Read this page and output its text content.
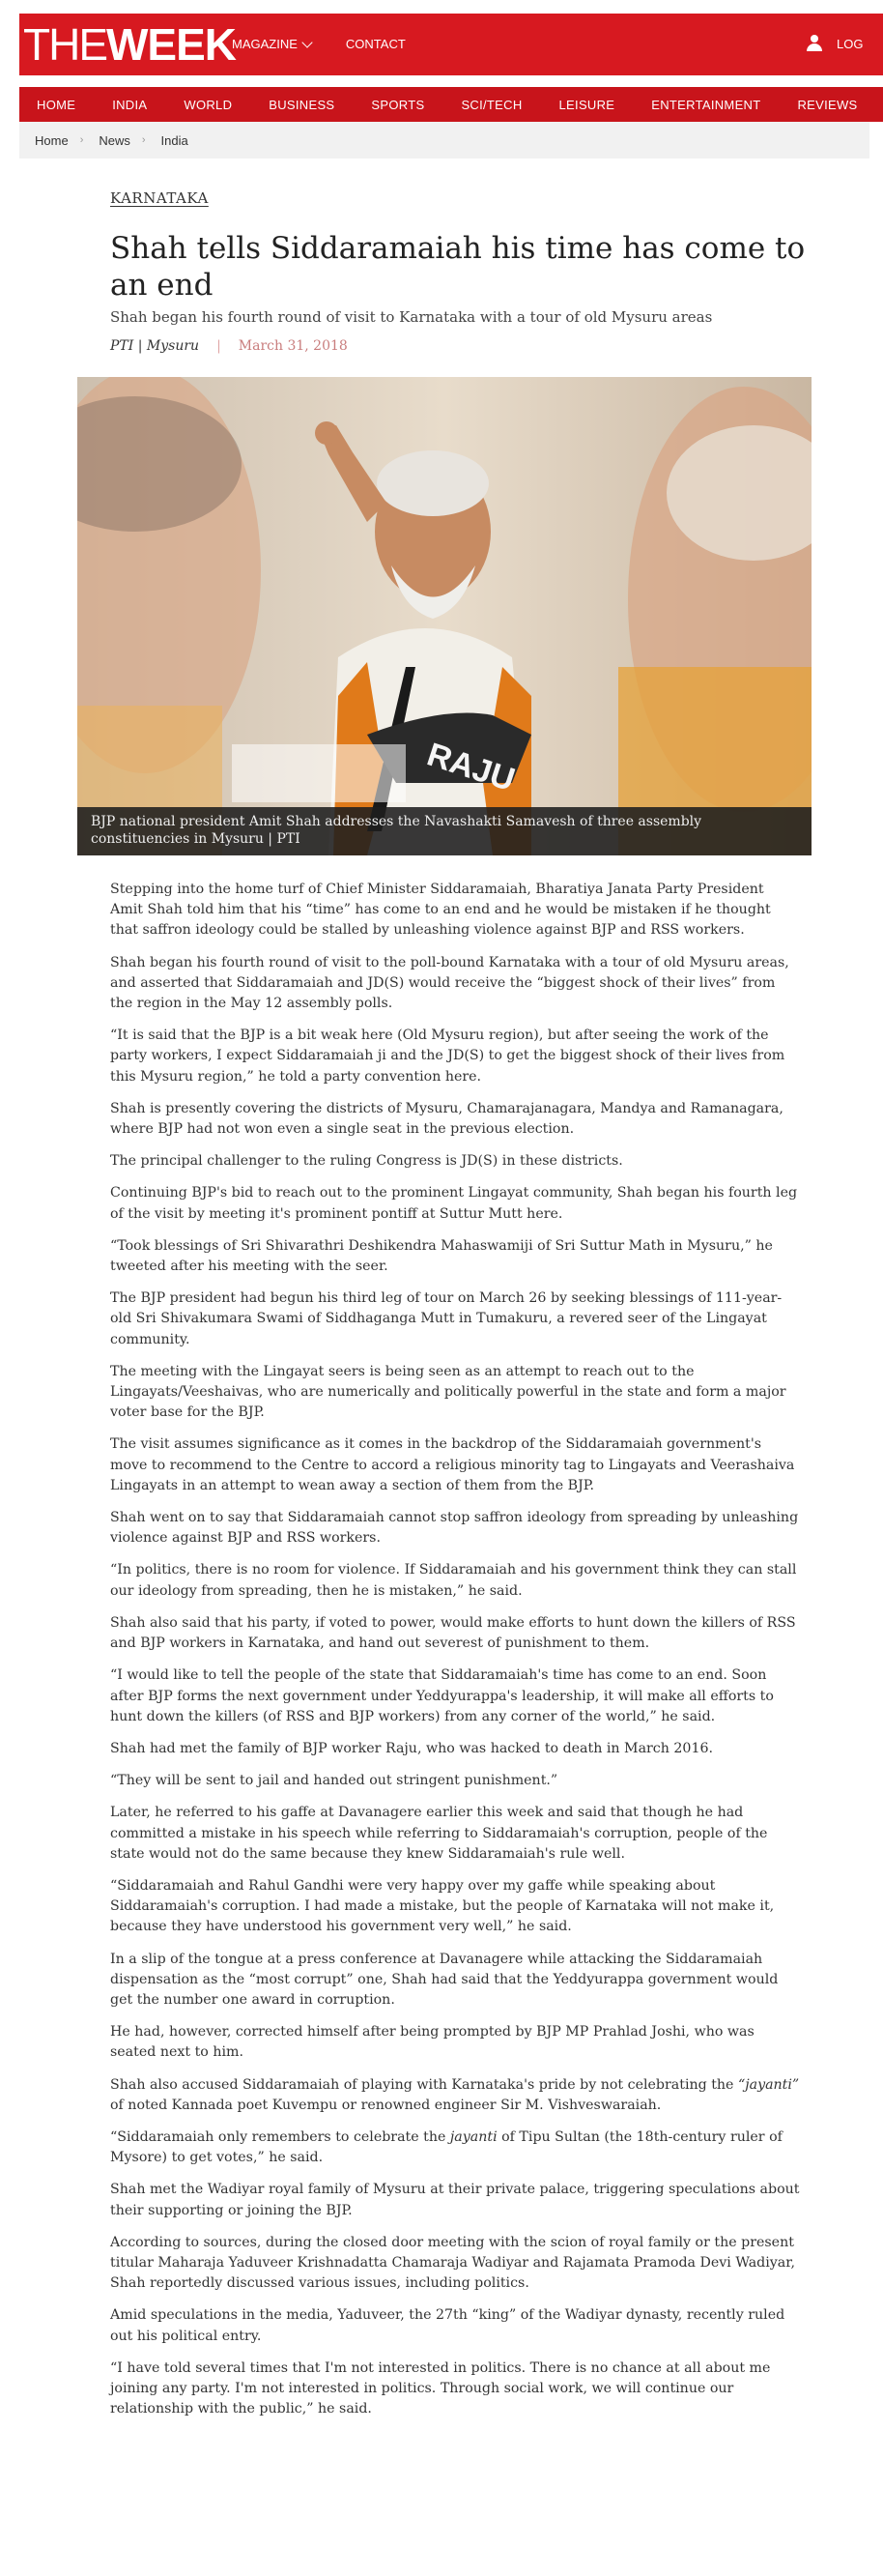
THE WEEK
MAGAZINE	CONTACT	LOG
HOME	INDIA	WORLD	BUSINESS	SPORTS	SCI/TECH	LEISURE	ENTERTAINMENT	REVIEWS
Home › News › India
KARNATAKA
Shah tells Siddaramaiah his time has come to an end
Shah began his fourth round of visit to Karnataka with a tour of old Mysuru areas
PTI | Mysuru | March 31, 2018
RAJU
BJP national president Amit Shah addresses the Navashakti Samavesh of three assembly constituencies in Mysuru | PTI

Stepping into the home turf of Chief Minister Siddaramaiah, Bharatiya Janata Party President Amit Shah told him that his “time” has come to an end and he would be mistaken if he thought that saffron ideology could be stalled by unleashing violence against BJP and RSS workers.

Shah began his fourth round of visit to the poll-bound Karnataka with a tour of old Mysuru areas, and asserted that Siddaramaiah and JD(S) would receive the “biggest shock of their lives” from the region in the May 12 assembly polls.

“It is said that the BJP is a bit weak here (Old Mysuru region), but after seeing the work of the party workers, I expect Siddaramaiah ji and the JD(S) to get the biggest shock of their lives from this Mysuru region,” he told a party convention here.

Shah is presently covering the districts of Mysuru, Chamarajanagara, Mandya and Ramanagara, where BJP had not won even a single seat in the previous election.

The principal challenger to the ruling Congress is JD(S) in these districts.

Continuing BJP's bid to reach out to the prominent Lingayat community, Shah began his fourth leg of the visit by meeting it's prominent pontiff at Suttur Mutt here.

“Took blessings of Sri Shivarathri Deshikendra Mahaswamiji of Sri Suttur Math in Mysuru,” he tweeted after his meeting with the seer.

The BJP president had begun his third leg of tour on March 26 by seeking blessings of 111-year-old Sri Shivakumara Swami of Siddhaganga Mutt in Tumakuru, a revered seer of the Lingayat community.

The meeting with the Lingayat seers is being seen as an attempt to reach out to the Lingayats/Veeshaivas, who are numerically and politically powerful in the state and form a major voter base for the BJP.

The visit assumes significance as it comes in the backdrop of the Siddaramaiah government's move to recommend to the Centre to accord a religious minority tag to Lingayats and Veerashaiva Lingayats in an attempt to wean away a section of them from the BJP.

Shah went on to say that Siddaramaiah cannot stop saffron ideology from spreading by unleashing violence against BJP and RSS workers.

“In politics, there is no room for violence. If Siddaramaiah and his government think they can stall our ideology from spreading, then he is mistaken,” he said.

Shah also said that his party, if voted to power, would make efforts to hunt down the killers of RSS and BJP workers in Karnataka, and hand out severest of punishment to them.

“I would like to tell the people of the state that Siddaramaiah's time has come to an end. Soon after BJP forms the next government under Yeddyurappa's leadership, it will make all efforts to hunt down the killers (of RSS and BJP workers) from any corner of the world,” he said.

Shah had met the family of BJP worker Raju, who was hacked to death in March 2016.

“They will be sent to jail and handed out stringent punishment.”

Later, he referred to his gaffe at Davanagere earlier this week and said that though he had committed a mistake in his speech while referring to Siddaramaiah's corruption, people of the state would not do the same because they knew Siddaramaiah's rule well.

“Siddaramaiah and Rahul Gandhi were very happy over my gaffe while speaking about Siddaramaiah's corruption. I had made a mistake, but the people of Karnataka will not make it, because they have understood his government very well,” he said.

In a slip of the tongue at a press conference at Davanagere while attacking the Siddaramaiah dispensation as the “most corrupt” one, Shah had said that the Yeddyurappa government would get the number one award in corruption.

He had, however, corrected himself after being prompted by BJP MP Prahlad Joshi, who was seated next to him.

Shah also accused Siddaramaiah of playing with Karnataka's pride by not celebrating the “jayanti” of noted Kannada poet Kuvempu or renowned engineer Sir M. Vishveswaraiah.

“Siddaramaiah only remembers to celebrate the jayanti of Tipu Sultan (the 18th-century ruler of Mysore) to get votes,” he said.

Shah met the Wadiyar royal family of Mysuru at their private palace, triggering speculations about their supporting or joining the BJP.

According to sources, during the closed door meeting with the scion of royal family or the present titular Maharaja Yaduveer Krishnadatta Chamaraja Wadiyar and Rajamata Pramoda Devi Wadiyar, Shah reportedly discussed various issues, including politics.

Amid speculations in the media, Yaduveer, the 27th “king” of the Wadiyar dynasty, recently ruled out his political entry.

“I have told several times that I'm not interested in politics. There is no chance at all about me joining any party. I'm not interested in politics. Through social work, we will continue our relationship with the public,” he said.
